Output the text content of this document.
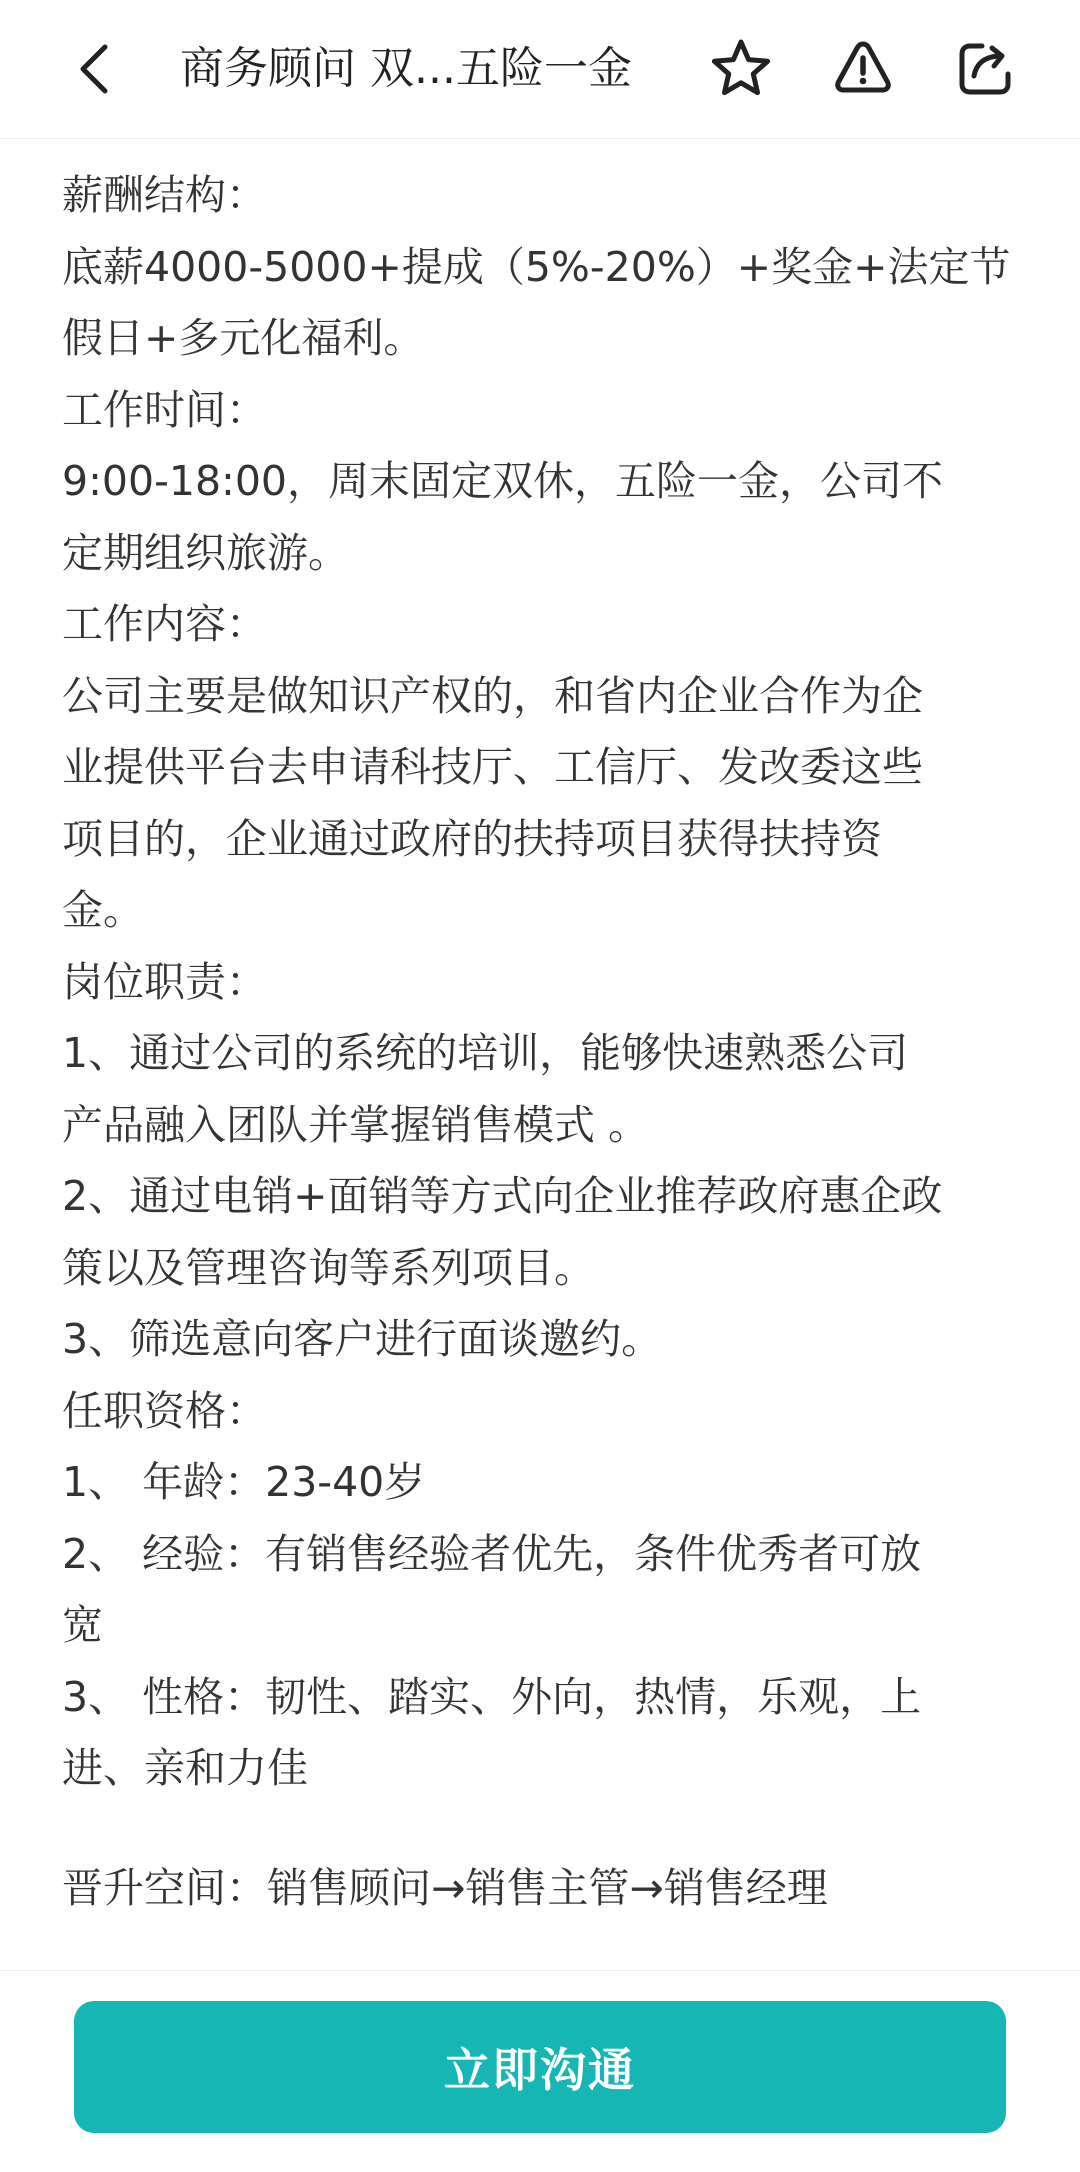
商务顾问 双...五险一金
薪酬结构：
底薪4000-5000+提成（5%-20%）+奖金+法定节
假日+多元化福利。
工作时间：
9:00-18:00，周末固定双休，五险一金，公司不
定期组织旅游。
工作内容：
公司主要是做知识产权的，和省内企业合作为企
业提供平台去申请科技厅、工信厅、发改委这些
项目的，企业通过政府的扶持项目获得扶持资
金。
岗位职责：
1、通过公司的系统的培训，能够快速熟悉公司
产品融入团队并掌握销售模式 。
2、通过电销+面销等方式向企业推荐政府惠企政
策以及管理咨询等系列项目。
3、筛选意向客户进行面谈邀约。
任职资格：
1、 年龄：23-40岁
2、 经验：有销售经验者优先，条件优秀者可放
宽
3、 性格：韧性、踏实、外向，热情，乐观，上
进、亲和力佳
晋升空间：销售顾问→销售主管→销售经理
立即沟通
